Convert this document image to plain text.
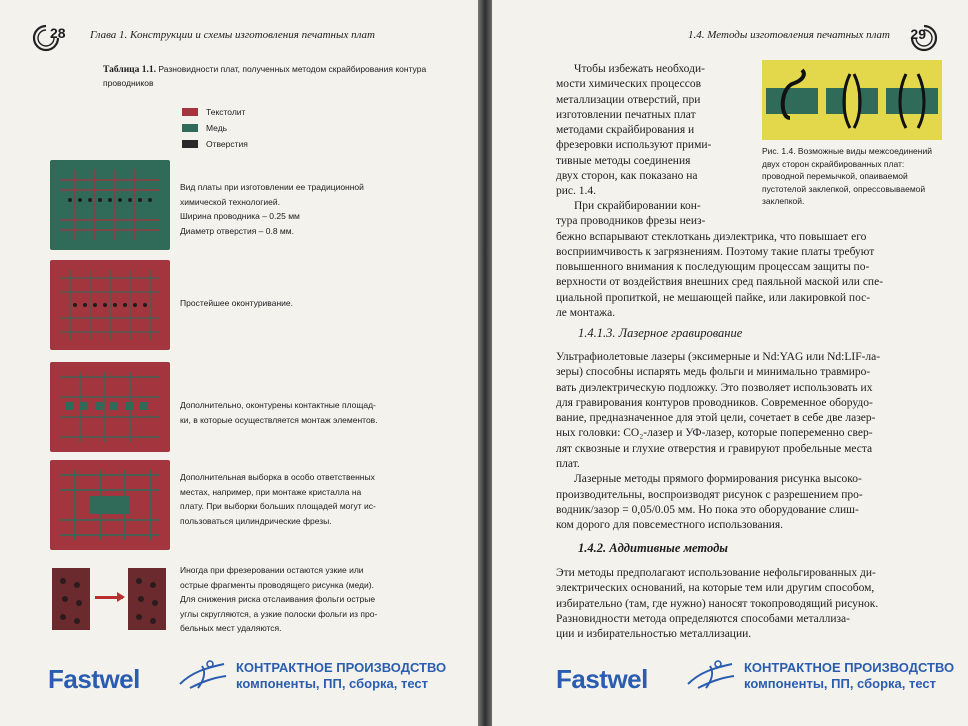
28 Глава 1. Конструкции и схемы изготовления печатных плат
Таблица 1.1. Разновидности плат, полученных методом скрайбирования контура проводников
Текстолит
Медь
Отверстия
Вид платы при изготовлении ее традиционной
химической технологией.
Ширина проводника – 0.25 мм
Диаметр отверстия – 0.8 мм.
Простейшее оконтуривание.
Дополнительно, оконтурены контактные площад-
ки, в которые осуществляется монтаж элементов.
Дополнительная выборка в особо ответственных
местах, например, при монтаже кристалла на
плату. При выборки больших площадей могут ис-
пользоваться цилиндрические фрезы.
Иногда при фрезеровании остаются узкие или
острые фрагменты проводящего рисунка (меди).
Для снижения риска отслаивания фольги острые
углы скругляются, а узкие полоски фольги из про-
бельных мест удаляются.
Fastwel	КОНТРАКТНОЕ ПРОИЗВОДСТВО
компоненты, ПП, сборка, тест
1.4. Методы изготовления печатных плат 29
Чтобы избежать необходи-
мости химических процессов
металлизации отверстий, при
изготовлении печатных плат
методами скрайбирования и
фрезеровки используют прими-
тивные методы соединения
двух сторон, как показано на
рис. 1.4.
Рис. 1.4. Возможные виды межсоединений двух сторон скрайбированных плат: проводной перемычкой, опаиваемой пустотелой заклепкой, опрессовываемой заклепкой.
При скрайбировании кон-
тура проводников фрезы неиз-
бежно вспарывают стеклоткань диэлектрика, что повышает его
восприимчивость к загрязнениям. Поэтому такие платы требуют
повышенного внимания к последующим процессам защиты по-
верхности от воздействия внешних сред паяльной маской или спе-
циальной пропиткой, не мешающей пайке, или лакировкой пос-
ле монтажа.
1.4.1.3. Лазерное гравирование
Ультрафиолетовые лазеры (эксимерные и Nd:YAG или Nd:LIF-ла-
зеры) способны испарять медь фольги и минимально травмиро-
вать диэлектрическую подложку. Это позволяет использовать их
для гравирования контуров проводников. Современное оборудо-
вание, предназначенное для этой цели, сочетает в себе две лазер-
ных головки: CO₂-лазер и УФ-лазер, которые попеременно свер-
лят сквозные и глухие отверстия и гравируют пробельные места
плат.
Лазерные методы прямого формирования рисунка высоко-
производительны, воспроизводят рисунок с разрешением про-
водник/зазор = 0,05/0.05 мм. Но пока это оборудование слиш-
ком дорого для повсеместного использования.
1.4.2. Аддитивные методы
Эти методы предполагают использование нефольгированных ди-
электрических оснований, на которые тем или другим способом,
избирательно (там, где нужно) наносят токопроводящий рисунок.
Разновидности метода определяются способами металлиза-
ции и избирательностью металлизации.
Fastwel	КОНТРАКТНОЕ ПРОИЗВОДСТВО
компоненты, ПП, сборка, тест
